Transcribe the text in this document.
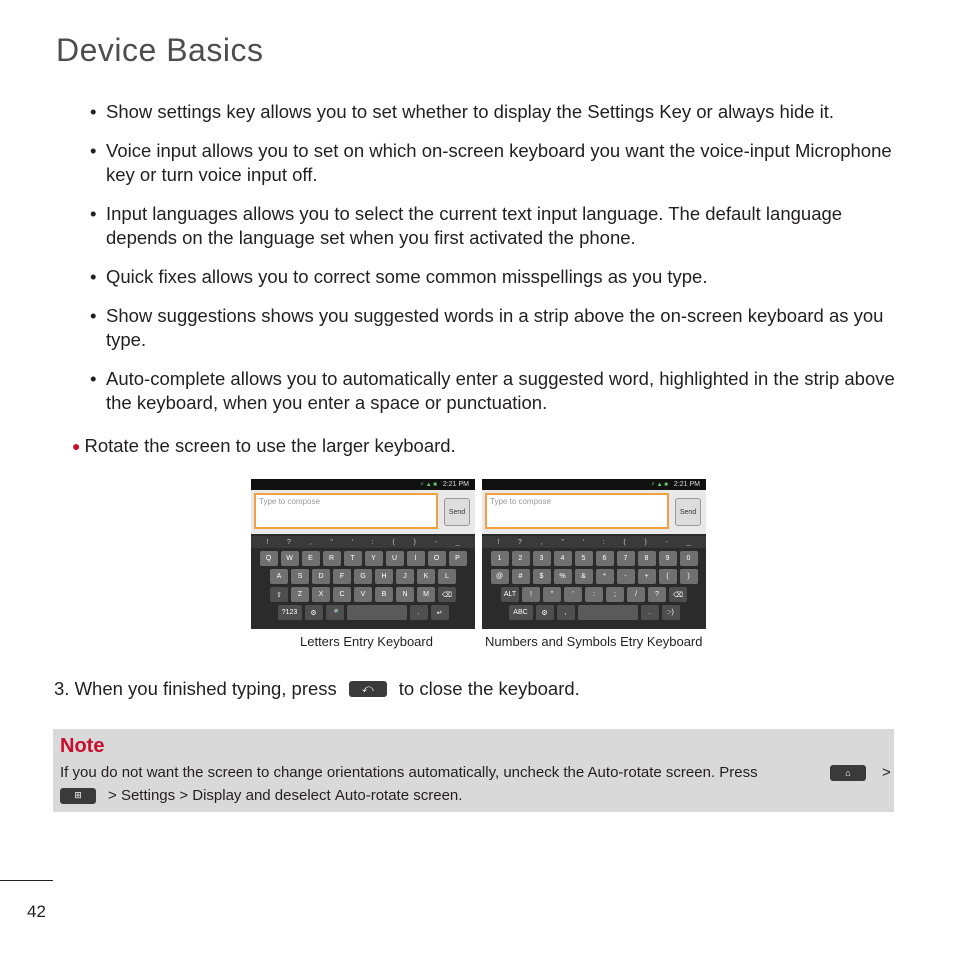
Device Basics
• Show settings key allows you to set whether to display the Settings Key or always hide it.
• Voice input allows you to set on which on-screen keyboard you want the voice-input Microphone key or turn voice input off.
• Input languages allows you to select the current text input language. The default language depends on the language set when you first activated the phone.
• Quick fixes allows you to correct some common misspellings as you type.
• Show suggestions shows you suggested words in a strip above the on-screen keyboard as you type.
• Auto-complete allows you to automatically enter a suggested word, highlighted in the strip above the keyboard, when you enter a space or punctuation.
● Rotate the screen to use the larger keyboard.
⚡ ▲ ■ 2:21 PM
Type to compose
Send
!	?	,	"	'	:	(	)	-	_
Q	W	E	R	T	Y	U	I	O	P
A	S	D	F	G	H	J	K	L
⇧	Z	X	C	V	B	N	M	⌫
?123	⚙	🎤	.	↵
⚡ ▲ ■ 2:21 PM
Type to compose
Send
!	?	,	"	'	:	(	)	-	_
1	2	3	4	5	6	7	8	9	0
@	#	$	%	&	*	-	+	(	)
ALT	!	"	'	:	;	/	?	⌫
ABC	⚙	,	.	:-)
Letters Entry Keyboard	Numbers and Symbols Etry Keyboard
3. When you finished typing, press	⤺	to close the keyboard.
Note
If you do not want the screen to change orientations automatically, uncheck the Auto-rotate screen. Press	⌂	>
⊞	>
Settings
>
Display
and deselect
Auto-rotate screen .
42
